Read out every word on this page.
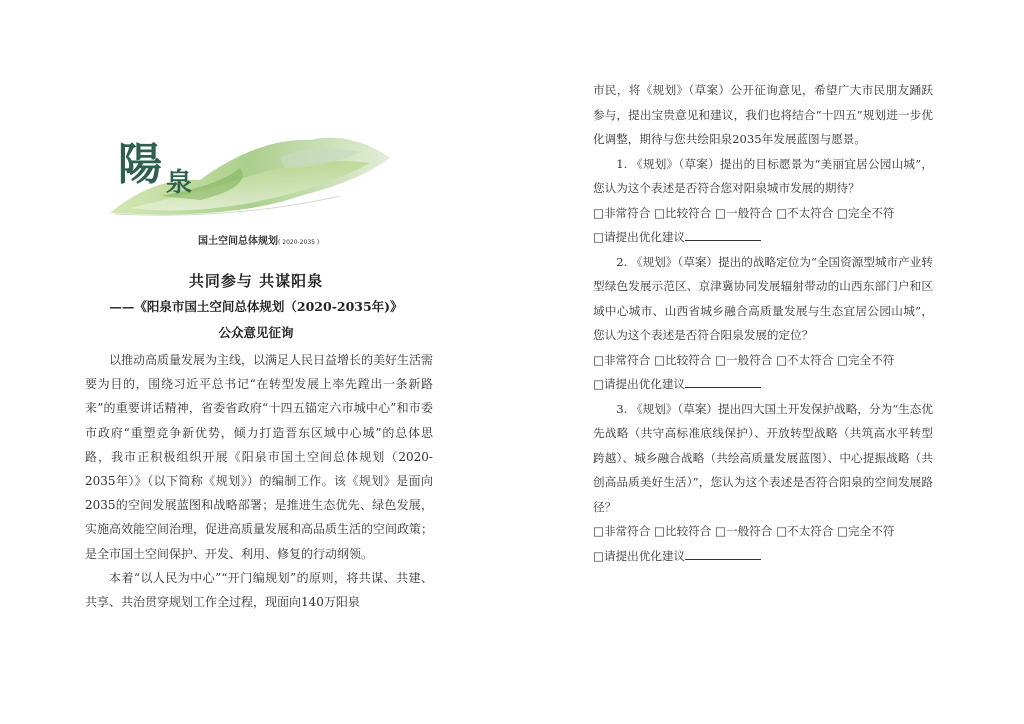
陽 泉
国土空间总体规划( 2020-2035 )
共同参与 共谋阳泉
——《阳泉市国土空间总体规划（2020-2035年)》
公众意见征询

以推动高质量发展为主线，以满足人民日益增长的美好生活需要为目的，围绕习近平总书记“在转型发展上率先蹚出一条新路来”的重要讲话精神，省委省政府“十四五锚定六市城中心”和市委市政府“重塑竞争新优势，倾力打造晋东区域中心城”的总体思路，我市正积极组织开展《阳泉市国土空间总体规划（2020-2035年）》（以下简称《规划》）的编制工作。该《规划》是面向2035的空间发展蓝图和战略部署；是推进生态优先、绿色发展，实施高效能空间治理，促进高质量发展和高品质生活的空间政策；是全市国土空间保护、开发、利用、修复的行动纲领。

本着“以人民为中心”“开门编规划”的原则，将共谋、共建、共享、共治贯穿规划工作全过程，现面向140万阳泉

市民，将《规划》（草案）公开征询意见，希望广大市民朋友踊跃参与，提出宝贵意见和建议，我们也将结合“十四五”规划进一步优化调整，期待与您共绘阳泉2035年发展蓝图与愿景。

1. 《规划》（草案）提出的目标愿景为“美丽宜居公园山城”，您认为这个表述是否符合您对阳泉城市发展的期待？

□非常符合 □比较符合 □一般符合 □不太符合 □完全不符

□请提出优化建议

2. 《规划》（草案）提出的战略定位为“全国资源型城市产业转型绿色发展示范区、京津冀协同发展辐射带动的山西东部门户和区域中心城市、山西省城乡融合高质量发展与生态宜居公园山城”，您认为这个表述是否符合阳泉发展的定位？

□非常符合 □比较符合 □一般符合 □不太符合 □完全不符

□请提出优化建议

3. 《规划》（草案）提出四大国土开发保护战略，分为“生态优先战略（共守高标准底线保护）、开放转型战略（共筑高水平转型跨越）、城乡融合战略（共绘高质量发展蓝图）、中心提振战略（共创高品质美好生活）”，您认为这个表述是否符合阳泉的空间发展路径？

□非常符合 □比较符合 □一般符合 □不太符合 □完全不符

□请提出优化建议
